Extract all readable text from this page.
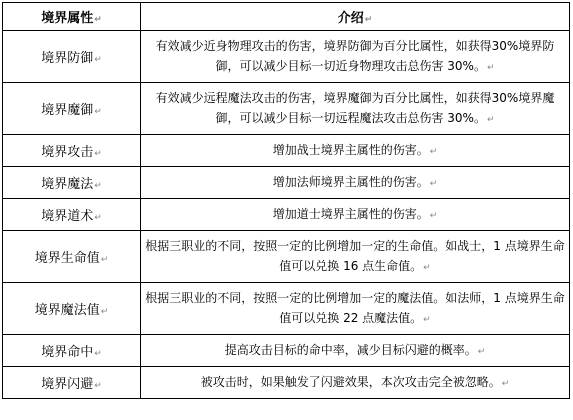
境界属性↵	介绍↵
境界防御↵	有效减少近身物理攻击的伤害，境界防御为百分比属性，如获得30%境界防御，可以减少目标一切近身物理攻击总伤害 30%。↵
境界魔御↵	有效减少远程魔法攻击的伤害，境界魔御为百分比属性，如获得30%境界魔御，可以减少目标一切远程魔法攻击总伤害 30%。↵
境界攻击↵	增加战士境界主属性的伤害。↵
境界魔法↵	增加法师境界主属性的伤害。↵
境界道术↵	增加道士境界主属性的伤害。↵
境界生命值↵	根据三职业的不同，按照一定的比例增加一定的生命值。如战士，1 点境界生命值可以兑换 16 点生命值。↵
境界魔法值↵	根据三职业的不同，按照一定的比例增加一定的魔法值。如法师，1 点境界生命值可以兑换 22 点魔法值。↵
境界命中↵	提高攻击目标的命中率，减少目标闪避的概率。↵
境界闪避↵	被攻击时，如果触发了闪避效果，本次攻击完全被忽略。↵
